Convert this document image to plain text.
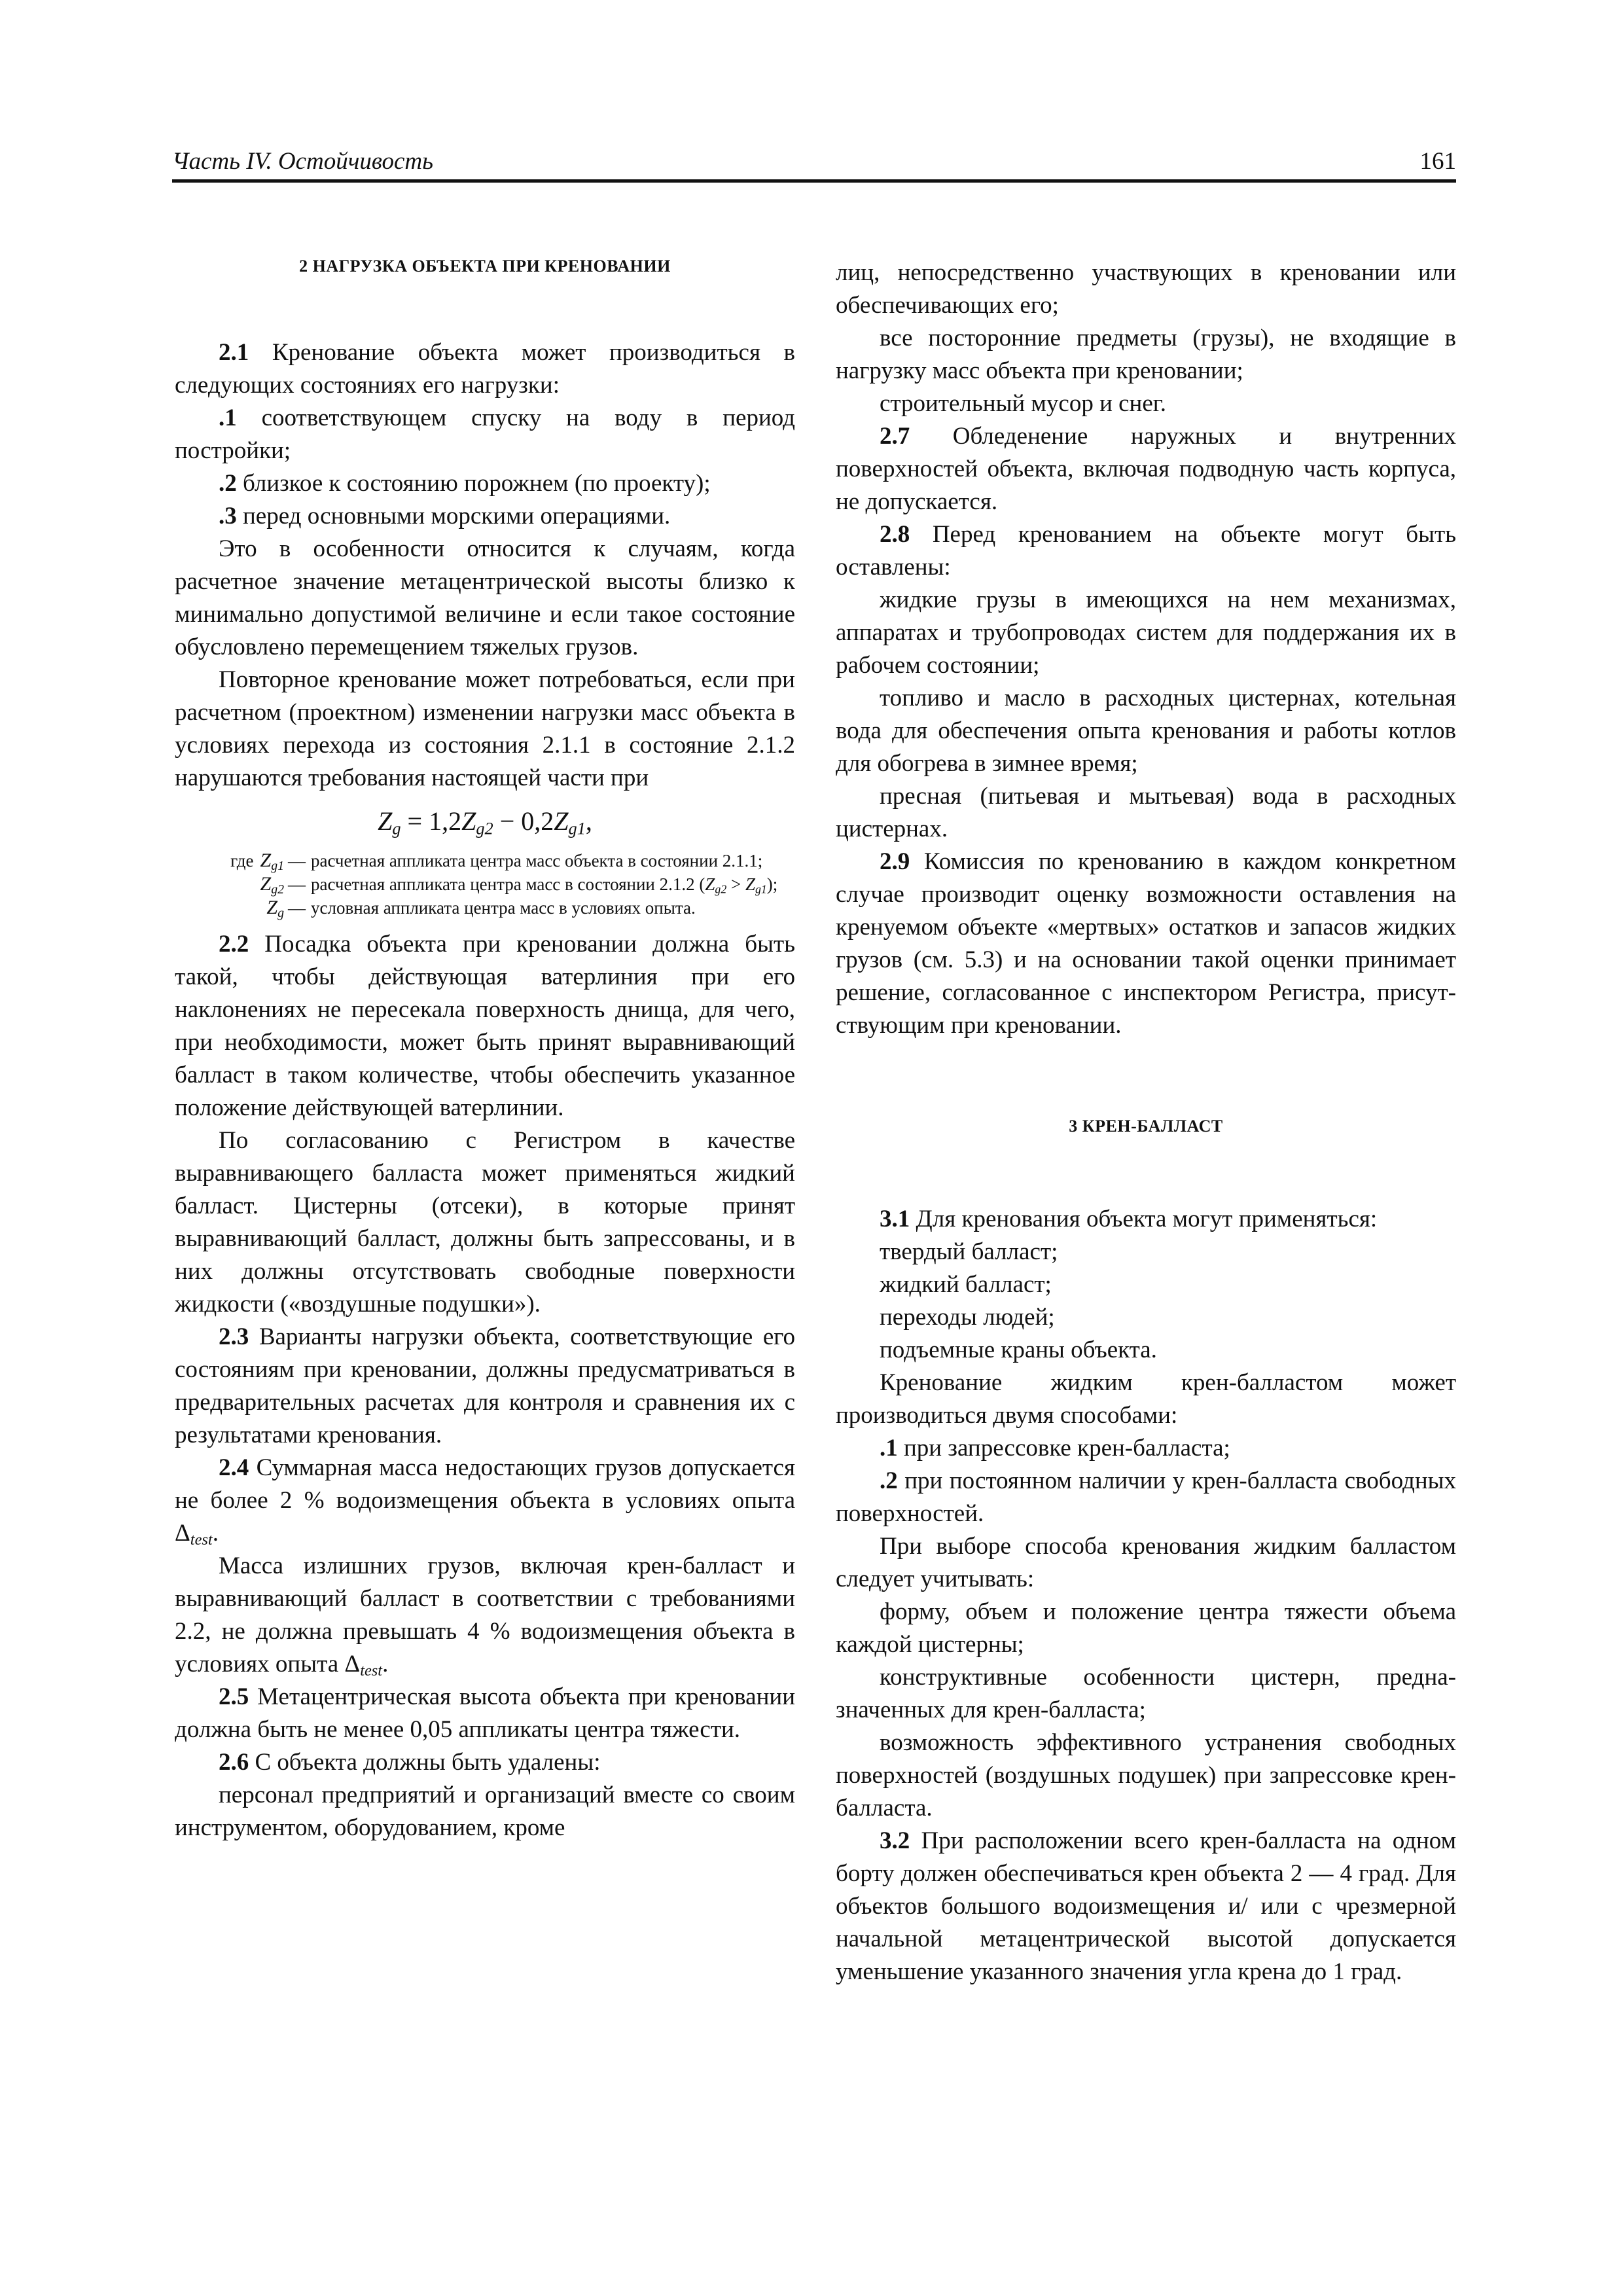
Часть IV. Остойчивость	161
2 НАГРУЗКА ОБЪЕКТА ПРИ КРЕНОВАНИИ

2.1 Кренование объекта может производиться в следующих состояниях его нагрузки:

.1 соответствующем спуску на воду в период постройки;

.2 близкое к состоянию порожнем (по проекту);

.3 перед основными морскими операциями.

Это в особенности относится к случаям, когда расчетное значение метацентрической высоты близко к минимально допустимой величине и если такое состояние обусловлено перемещением тяжелых грузов.

Повторное кренование может потребоваться, если при расчетном (проектном) изменении нагрузки масс объекта в условиях перехода из состояния 2.1.1 в состояние 2.1.2 нарушаются требования настоящей части при

$Z_g = 1,2Z_{g2} - 0,2Z_{g1}$,
где $Z_{g1}$ — расчетная аппликата центра масс объекта в состоянии 2.1.1;
$Z_{g2}$ — расчетная аппликата центра масс в состоянии 2.1.2 $(Z_{g2} > Z_{g1})$;
$Z_g$ — условная аппликата центра масс в условиях опыта.

2.2 Посадка объекта при креновании должна быть такой, чтобы действующая ватерлиния при его наклонениях не пересекала поверхность днища, для чего, при необходимости, может быть принят выравнивающий балласт в таком количестве, чтобы обеспечить указанное положение действующей ватерлинии.

По согласованию с Регистром в качестве выравнивающего балласта может применяться жидкий балласт. Цистерны (отсеки), в которые принят выравнивающий балласт, должны быть запрессованы, и в них должны отсутствовать свободные поверхности жидкости («воздушные подушки»).

2.3 Варианты нагрузки объекта, соответствующие его состояниям при креновании, должны предусматриваться в предварительных расчетах для контроля и сравнения их с результатами кренования.

2.4 Суммарная масса недостающих грузов допускается не более 2 % водоизмещения объекта в условиях опыта $\Delta_{test}$.

Масса излишних грузов, включая крен-балласт и выравнивающий балласт в соответствии с требованиями 2.2, не должна превышать 4 % водоизмещения объекта в условиях опыта $\Delta_{test}$.

2.5 Метацентрическая высота объекта при креновании должна быть не менее 0,05 аппликаты центра тяжести.

2.6 С объекта должны быть удалены:

персонал предприятий и организаций вместе со своим инструментом, оборудованием, кроме

лиц, непосредственно участвующих в креновании или обеспечивающих его;

все посторонние предметы (грузы), не входящие в нагрузку масс объекта при креновании;

строительный мусор и снег.

2.7 Обледенение наружных и внутренних поверхностей объекта, включая подводную часть корпуса, не допускается.

2.8 Перед кренованием на объекте могут быть оставлены:

жидкие грузы в имеющихся на нем механизмах, аппаратах и трубопроводах систем для поддержания их в рабочем состоянии;

топливо и масло в расходных цистернах, котельная вода для обеспечения опыта кренования и работы котлов для обогрева в зимнее время;

пресная (питьевая и мытьевая) вода в расходных цистернах.

2.9 Комиссия по кренованию в каждом конкретном случае производит оценку возможности оставления на кренуемом объекте «мертвых» остатков и запасов жидких грузов (см. 5.3) и на основании такой оценки принимает решение, согласованное с инспектором Регистра, присутствующим при креновании.

3 КРЕН-БАЛЛАСТ

3.1 Для кренования объекта могут применяться:

твердый балласт;

жидкий балласт;

переходы людей;

подъемные краны объекта.

Кренование жидким крен-балластом может производиться двумя способами:

.1 при запрессовке крен-балласта;

.2 при постоянном наличии у крен-балласта свободных поверхностей.

При выборе способа кренования жидким балластом следует учитывать:

форму, объем и положение центра тяжести объема каждой цистерны;

конструктивные особенности цистерн, предназначенных для крен-балласта;

возможность эффективного устранения свободных поверхностей (воздушных подушек) при запрессовке крен-балласта.

3.2 При расположении всего крен-балласта на одном борту должен обеспечиваться крен объекта 2 — 4 град. Для объектов большого водоизмещения и/ или с чрезмерной начальной метацентрической высотой допускается уменьшение указанного значения угла крена до 1 град.
